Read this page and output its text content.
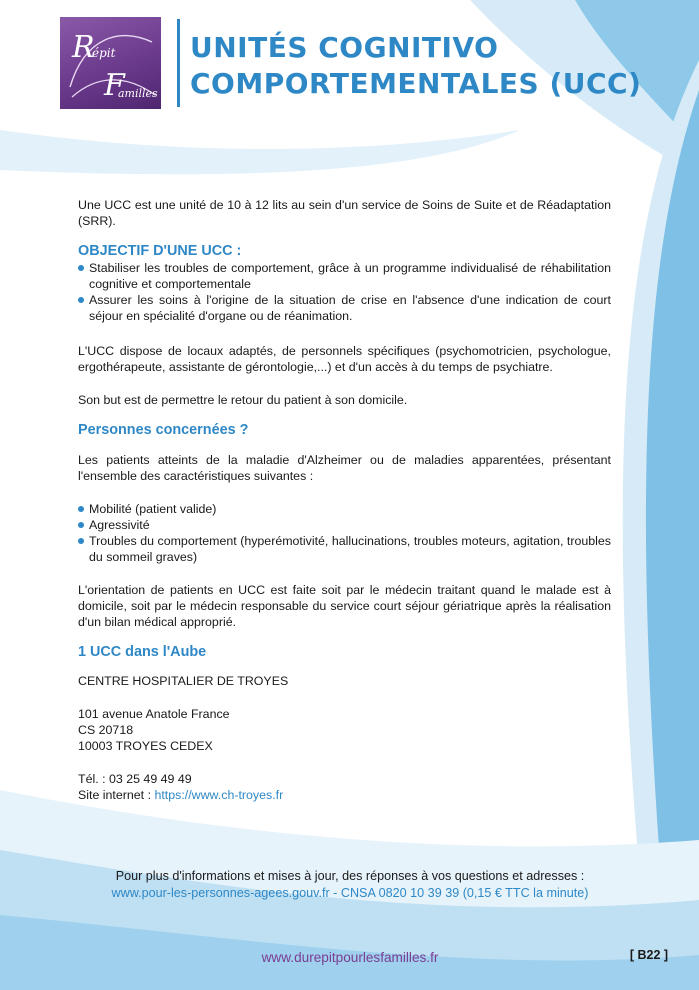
R
épit
F
amilles
UNITÉS COGNITIVO
COMPORTEMENTALES (UCC)

Une UCC est une unité de 10 à 12 lits au sein d'un service de Soins de Suite et de Réadaptation (SRR).

OBJECTIF D'UNE UCC :
Stabiliser les troubles de comportement, grâce à un programme individualisé de réhabilitation cognitive et comportementale
Assurer les soins à l'origine de la situation de crise en l'absence d'une indication de court séjour en spécialité d'organe ou de réanimation.

L'UCC dispose de locaux adaptés, de personnels spécifiques (psychomotricien, psychologue, ergothérapeute, assistante de gérontologie,...) et d'un accès à du temps de psychiatre.

Son but est de permettre le retour du patient à son domicile.

Personnes concernées ?

Les patients atteints de la maladie d'Alzheimer ou de maladies apparentées, présentant l'ensemble des caractéristiques suivantes :

Mobilité (patient valide)
Agressivité
Troubles du comportement (hyperémotivité, hallucinations, troubles moteurs, agitation, troubles du sommeil graves)

L'orientation de patients en UCC est faite soit par le médecin traitant quand le malade est à domicile, soit par le médecin responsable du service court séjour gériatrique après la réalisation d'un bilan médical approprié.

1 UCC dans l'Aube
CENTRE HOSPITALIER DE TROYES
101 avenue Anatole France
CS 20718
10003 TROYES CEDEX
Tél. : 03 25 49 49 49
Site internet : https://www.ch-troyes.fr
Pour plus d'informations et mises à jour, des réponses à vos questions et adresses :
www.pour-les-personnes-agees.gouv.fr - CNSA 0820 10 39 39 (0,15 € TTC la minute)
www.durepitpourlesfamilles.fr	[ B22 ]
